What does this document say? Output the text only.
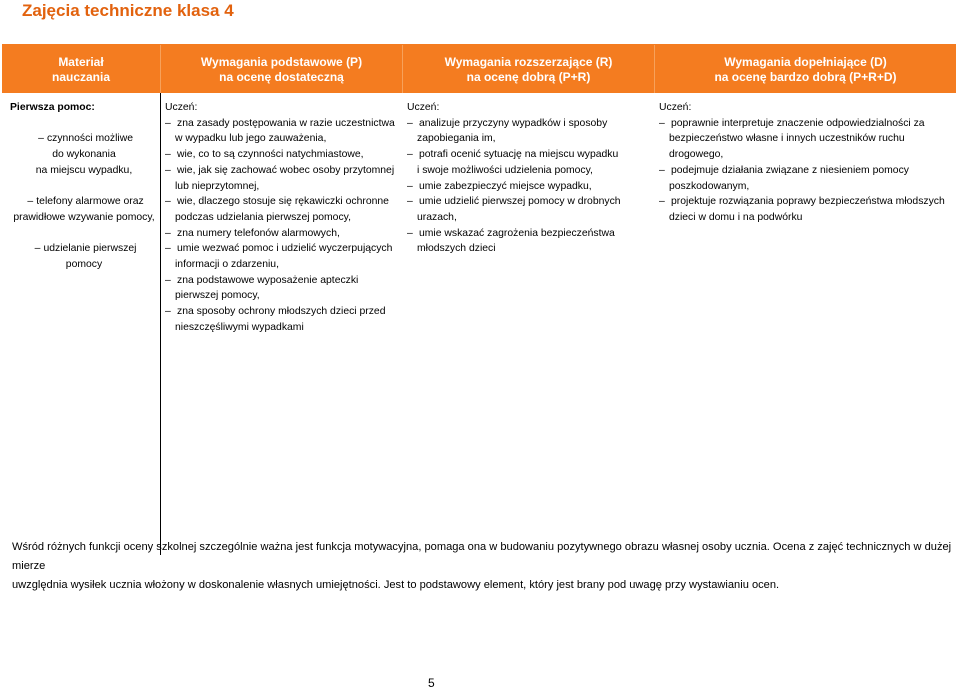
Zajęcia techniczne klasa 4
Materiał
nauczania
Wymagania podstawowe (P)
na ocenę dostateczną
Wymagania rozszerzające (R)
na ocenę dobrą (P+R)
Wymagania dopełniające (D)
na ocenę bardzo dobrą (P+R+D)
Pierwsza pomoc:
– czynności możliwe
do wykonania
na miejscu wypadku,
– telefony alarmowe oraz
prawidłowe wzywanie pomocy,
– udzielanie pierwszej
pomocy
Uczeń:
– zna zasady postępowania w razie uczestnictwa
w wypadku lub jego zauważenia,
– wie, co to są czynności natychmiastowe,
– wie, jak się zachować wobec osoby przytomnej
lub nieprzytomnej,
– wie, dlaczego stosuje się rękawiczki ochronne
podczas udzielania pierwszej pomocy,
– zna numery telefonów alarmowych,
– umie wezwać pomoc i udzielić wyczerpujących
informacji o zdarzeniu,
– zna podstawowe wyposażenie apteczki
pierwszej pomocy,
– zna sposoby ochrony młodszych dzieci przed
nieszczęśliwymi wypadkami
Uczeń:
– analizuje przyczyny wypadków i sposoby
zapobiegania im,
– potrafi ocenić sytuację na miejscu wypadku
i swoje możliwości udzielenia pomocy,
– umie zabezpieczyć miejsce wypadku,
– umie udzielić pierwszej pomocy w drobnych
urazach,
– umie wskazać zagrożenia bezpieczeństwa
młodszych dzieci
Uczeń:
– poprawnie interpretuje znaczenie odpowiedzialności za
bezpieczeństwo własne i innych uczestników ruchu
drogowego,
– podejmuje działania związane z niesieniem pomocy
poszkodowanym,
– projektuje rozwiązania poprawy bezpieczeństwa młodszych
dzieci w domu i na podwórku
Wśród różnych funkcji oceny szkolnej szczególnie ważna jest funkcja motywacyjna, pomaga ona w budowaniu pozytywnego obrazu własnej osoby ucznia. Ocena z zajęć technicznych w dużej mierze
uwzględnia wysiłek ucznia włożony w doskonalenie własnych umiejętności. Jest to podstawowy element, który jest brany pod uwagę przy wystawianiu ocen.
5
